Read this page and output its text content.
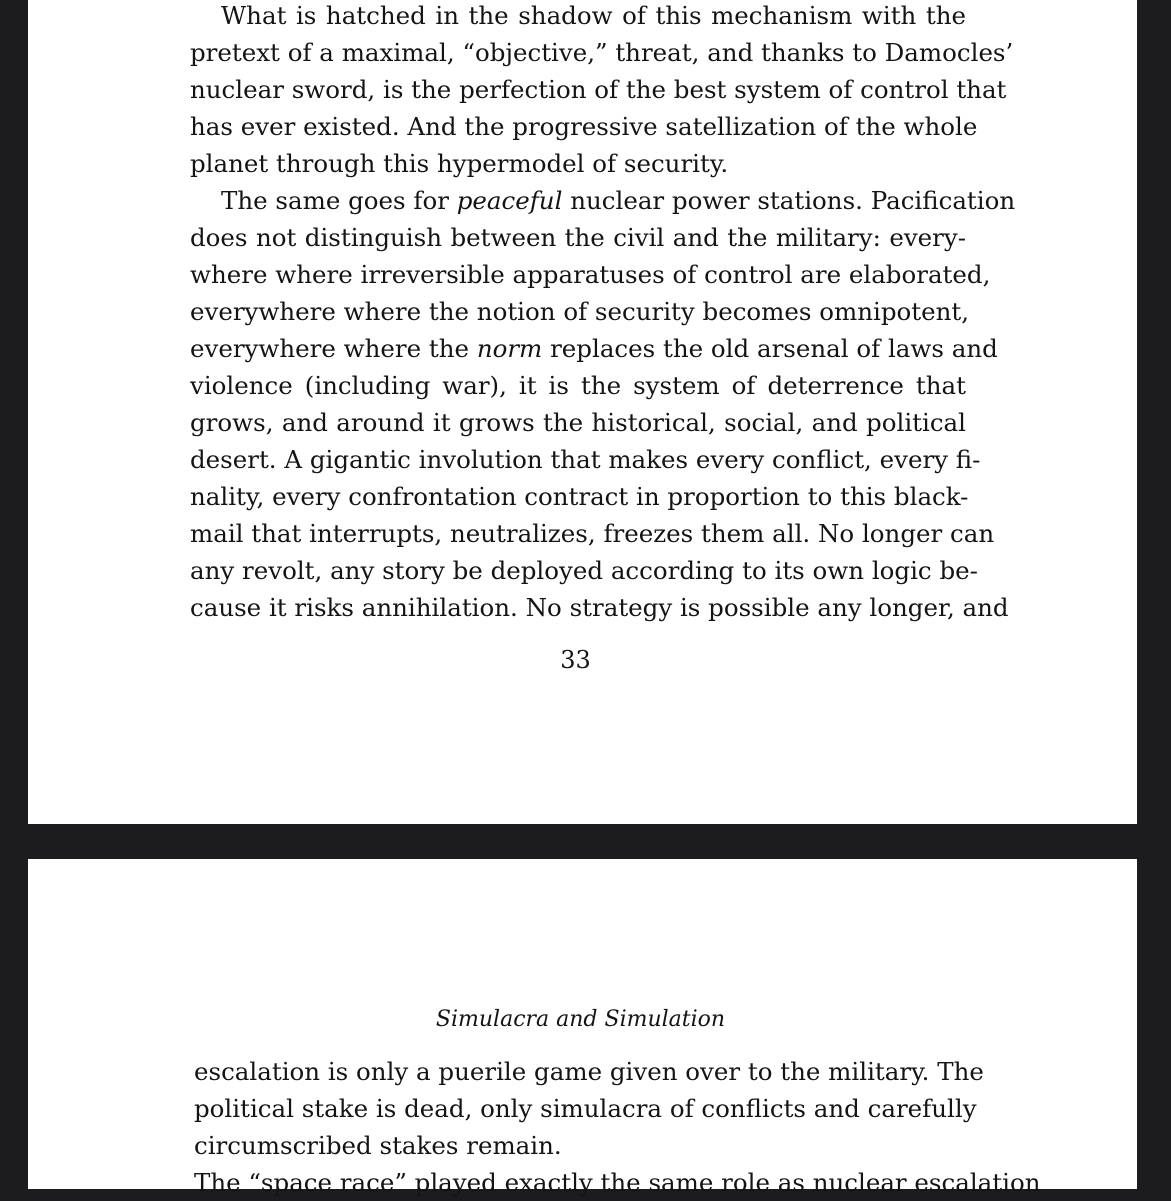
What is hatched in the shadow of this mechanism with the
pretext of a maximal, “objective,” threat, and thanks to Damocles’
nuclear sword, is the perfection of the best system of control that
has ever existed. And the progressive satellization of the whole
planet through this hypermodel of security.
The same goes for peaceful nuclear power stations. Pacification
does not distinguish between the civil and the military: every-
where where irreversible apparatuses of control are elaborated,
everywhere where the notion of security becomes omnipotent,
everywhere where the norm replaces the old arsenal of laws and
violence (including war), it is the system of deterrence that
grows, and around it grows the historical, social, and political
desert. A gigantic involution that makes every conflict, every fi-
nality, every confrontation contract in proportion to this black-
mail that interrupts, neutralizes, freezes them all. No longer can
any revolt, any story be deployed according to its own logic be-
cause it risks annihilation. No strategy is possible any longer, and
33
Simulacra and Simulation
escalation is only a puerile game given over to the military. The
political stake is dead, only simulacra of conflicts and carefully
circumscribed stakes remain.
The “space race” played exactly the same role as nuclear escalation
